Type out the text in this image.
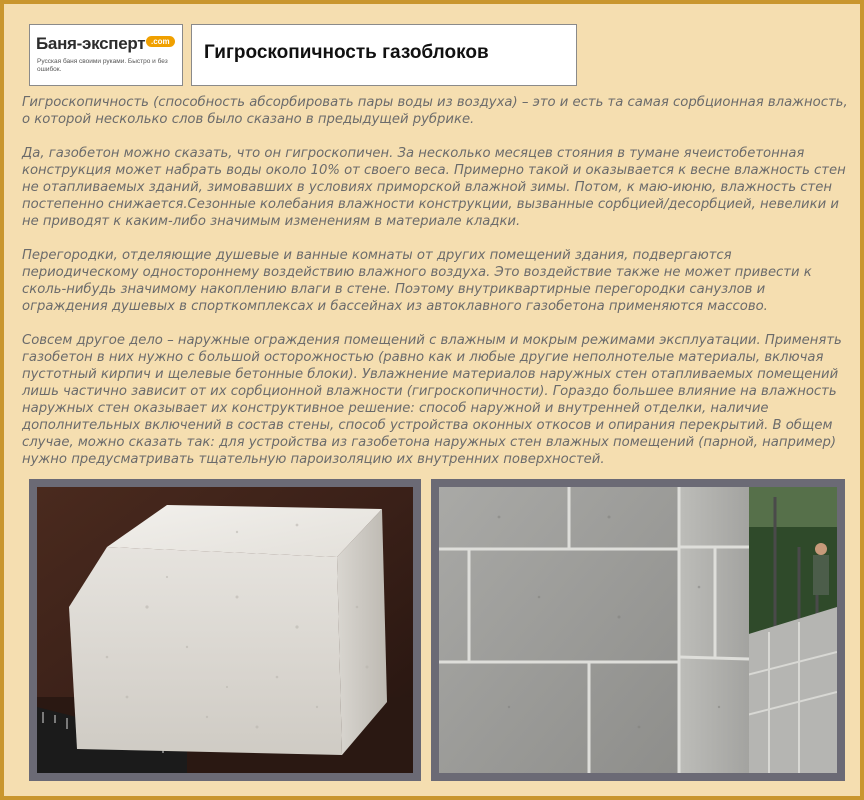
Баня-эксперт .com
Русская баня своими руками. Быстро и без ошибок.
Гигроскопичность газоблоков

Гигроскопичность (способность абсорбировать пары воды из воздуха) – это и есть та самая сорбционная влажность, о которой несколько слов было сказано в предыдущей рубрике.

Да, газобетон можно сказать, что он гигроскопичен. За несколько месяцев стояния в тумане ячеистобетонная конструкция может набрать воды около 10% от своего веса. Примерно такой и оказывается к весне влажность стен не отапливаемых зданий, зимовавших в условиях приморской влажной зимы. Потом, к маю-июню, влажность стен постепенно снижается.Сезонные колебания влажности конструкции, вызванные сорбцией/десорбцией, невелики и не приводят к каким-либо значимым изменениям в материале кладки.

Перегородки, отделяющие душевые и ванные комнаты от других помещений здания, подвергаются периодическому одностороннему воздействию влажного воздуха. Это воздействие также не может привести к сколь-нибудь значимому накоплению влаги в стене. Поэтому внутриквартирные перегородки санузлов и ограждения душевых в спорткомплексах и бассейнах из автоклавного газобетона применяются массово.

Совсем другое дело – наружные ограждения помещений с влажным и мокрым режимами эксплуатации. Применять газобетон в них нужно с большой осторожностью (равно как и любые другие неполнотелые материалы, включая пустотный кирпич и щелевые бетонные блоки). Увлажнение материалов наружных стен отапливаемых помещений лишь частично зависит от их сорбционной влажности (гигроскопичности). Гораздо большее влияние на влажность наружных стен оказывает их конструктивное решение: способ наружной и внутренней отделки, наличие дополнительных включений в состав стены, способ устройства оконных откосов и опирания перекрытий. В общем случае, можно сказать так: для устройства из газобетона наружных стен влажных помещений (парной, например) нужно предусматривать тщательную пароизоляцию их внутренних поверхностей.
